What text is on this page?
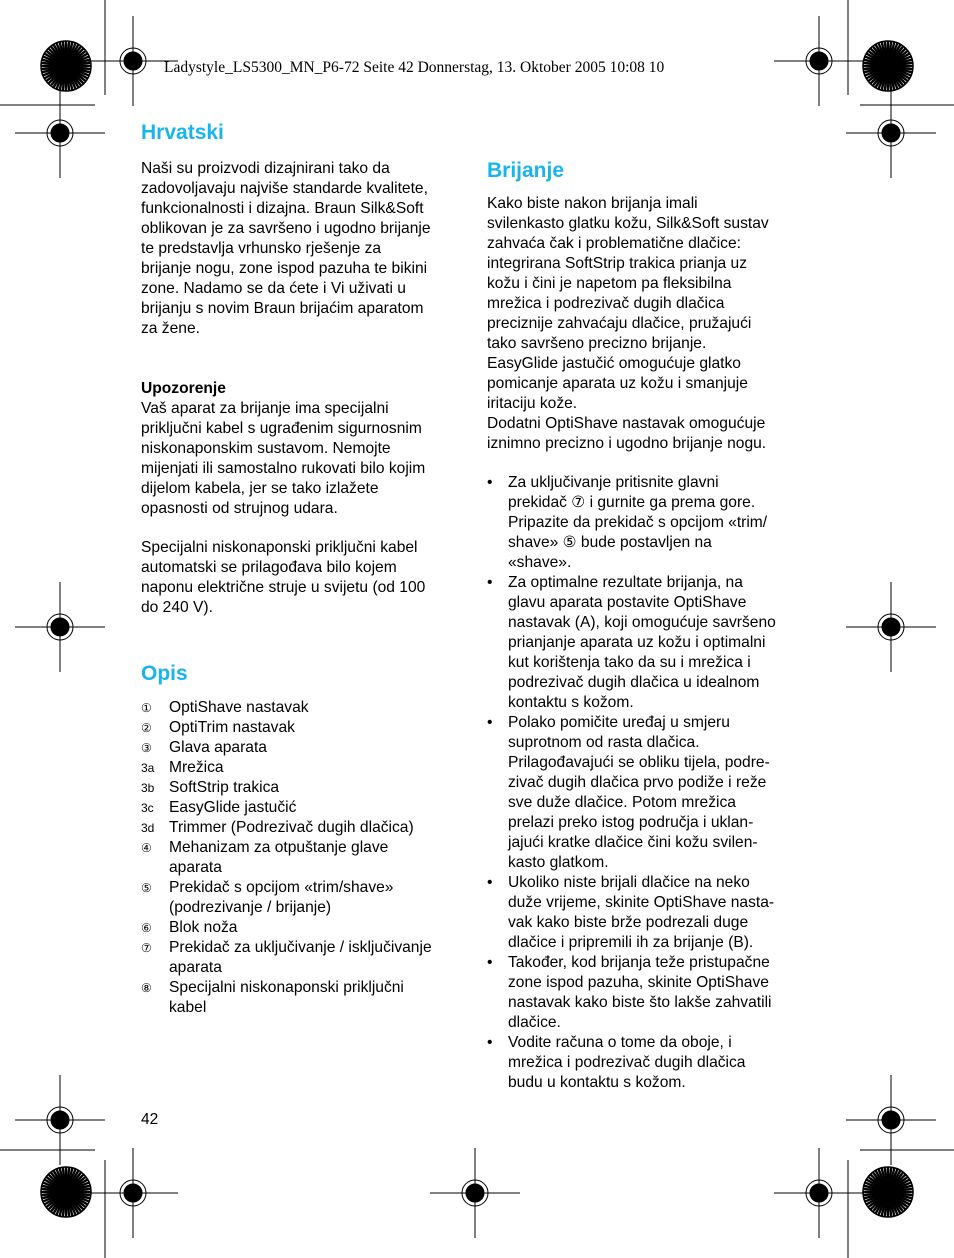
Ladystyle_LS5300_MN_P6-72 Seite 42 Donnerstag, 13. Oktober 2005 10:08 10
Hrvatski
Naši su proizvodi dizajnirani tako da
zadovoljavaju najviše standarde kvalitete,
funkcionalnosti i dizajna. Braun Silk&Soft
oblikovan je za savršeno i ugodno brijanje
te predstavlja vrhunsko rješenje za
brijanje nogu, zone ispod pazuha te bikini
zone. Nadamo se da ćete i Vi uživati u
brijanju s novim Braun brijaćim aparatom
za žene.

Upozorenje

Vaš aparat za brijanje ima specijalni
priključni kabel s ugrađenim sigurnosnim
niskonaponskim sustavom. Nemojte
mijenjati ili samostalno rukovati bilo kojim
dijelom kabela, jer se tako izlažete
opasnosti od strujnog udara.
Specijalni niskonaponski priključni kabel
automatski se prilagođava bilo kojem
naponu električne struje u svijetu (od 100
do 240 V).
Opis
①	OptiShave nastavak
②	OptiTrim nastavak
③	Glava aparata
3a Mrežica
3b SoftStrip trakica
3c EasyGlide jastučić
3d Trimmer (Podrezivač dugih dlačica)
④	Mehanizam za otpuštanje glave
aparata
⑤	Prekidač s opcijom «trim/shave»
(podrezivanje / brijanje)
⑥	Blok noža
⑦	Prekidač za uključivanje / isključivanje
aparata
⑧	Specijalni niskonaponski priključni
kabel
Brijanje
Kako biste nakon brijanja imali
svilenkasto glatku kožu, Silk&Soft sustav
zahvaća čak i problematične dlačice:
integrirana SoftStrip trakica prianja uz
kožu i čini je napetom pa fleksibilna
mrežica i podrezivač dugih dlačica
preciznije zahvaćaju dlačice, pružajući
tako savršeno precizno brijanje.
EasyGlide jastučić omogućuje glatko
pomicanje aparata uz kožu i smanjuje
iritaciju kože.
Dodatni OptiShave nastavak omogućuje
iznimno precizno i ugodno brijanje nogu.
• Za uključivanje pritisnite glavni
prekidač ⑦ i gurnite ga prema gore.
Pripazite da prekidač s opcijom «trim/
shave» ⑤ bude postavljen na
«shave».
• Za optimalne rezultate brijanja, na
glavu aparata postavite OptiShave
nastavak (A), koji omogućuje savršeno
prianjanje aparata uz kožu i optimalni
kut korištenja tako da su i mrežica i
podrezivač dugih dlačica u idealnom
kontaktu s kožom.
• Polako pomičite uređaj u smjeru
suprotnom od rasta dlačica.
Prilagođavajući se obliku tijela, podre-
zivač dugih dlačica prvo podiže i reže
sve duže dlačice. Potom mrežica
prelazi preko istog područja i uklan-
jajući kratke dlačice čini kožu svilen-
kasto glatkom.
• Ukoliko niste brijali dlačice na neko
duže vrijeme, skinite OptiShave nasta-
vak kako biste brže podrezali duge
dlačice i pripremili ih za brijanje (B).
• Također, kod brijanja teže pristupačne
zone ispod pazuha, skinite OptiShave
nastavak kako biste što lakše zahvatili
dlačice.
• Vodite računa o tome da oboje, i
mrežica i podrezivač dugih dlačica
budu u kontaktu s kožom.
42
